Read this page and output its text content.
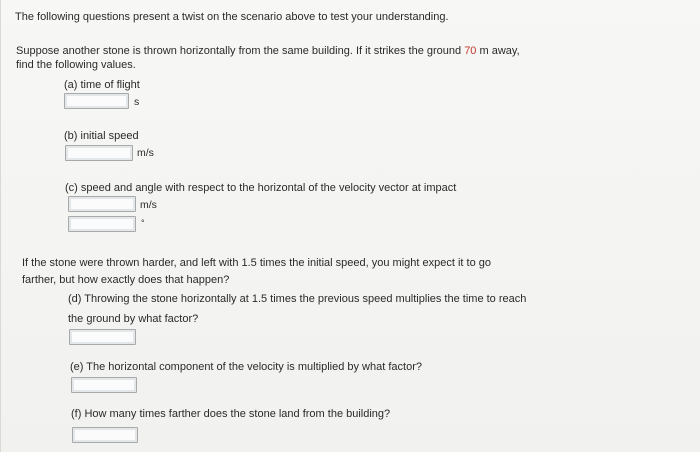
The following questions present a twist on the scenario above to test your understanding.

Suppose another stone is thrown horizontally from the same building. If it strikes the ground 70 m away,

find the following values.

(a) time of flight

s

(b) initial speed

m/s

(c) speed and angle with respect to the horizontal of the velocity vector at impact

m/s
°

If the stone were thrown harder, and left with 1.5 times the initial speed, you might expect it to go

farther, but how exactly does that happen?

(d) Throwing the stone horizontally at 1.5 times the previous speed multiplies the time to reach

the ground by what factor?

(e) The horizontal component of the velocity is multiplied by what factor?

(f) How many times farther does the stone land from the building?
